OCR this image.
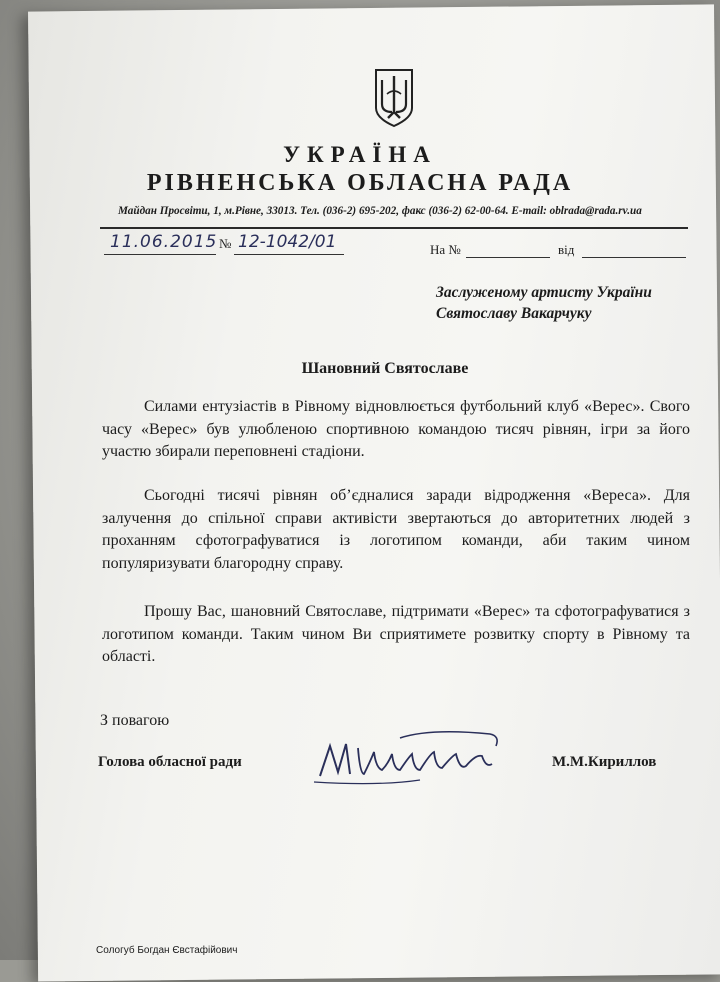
УКРАЇНА
РІВНЕНСЬКА ОБЛАСНА РАДА
Майдан Просвіти, 1, м.Рівне, 33013. Тел. (036-2) 695-202, факс (036-2) 62-00-64. E-mail: oblrada@rada.rv.ua
11.06.2015 № 12-1042/01	На №	від
Заслуженому артисту України
Святославу Вакарчуку
Шановний Святославе

Силами ентузіастів в Рівному відновлюється футбольний клуб «Верес». Свого часу «Верес» був улюбленою спортивною командою тисяч рівнян, ігри за його участю збирали переповнені стадіони.

Сьогодні тисячі рівнян об’єдналися заради відродження «Вереса». Для залучення до спільної справи активісти звертаються до авторитетних людей з проханням сфотографуватися із логотипом команди, аби таким чином популяризувати благородну справу.

Прошу Вас, шановний Святославе, підтримати «Верес» та сфотографуватися з логотипом команди. Таким чином Ви сприятимете розвитку спорту в Рівному та області.

З повагою
Голова обласної ради	М.М.Кириллов
Сологуб Богдан Євстафійович
